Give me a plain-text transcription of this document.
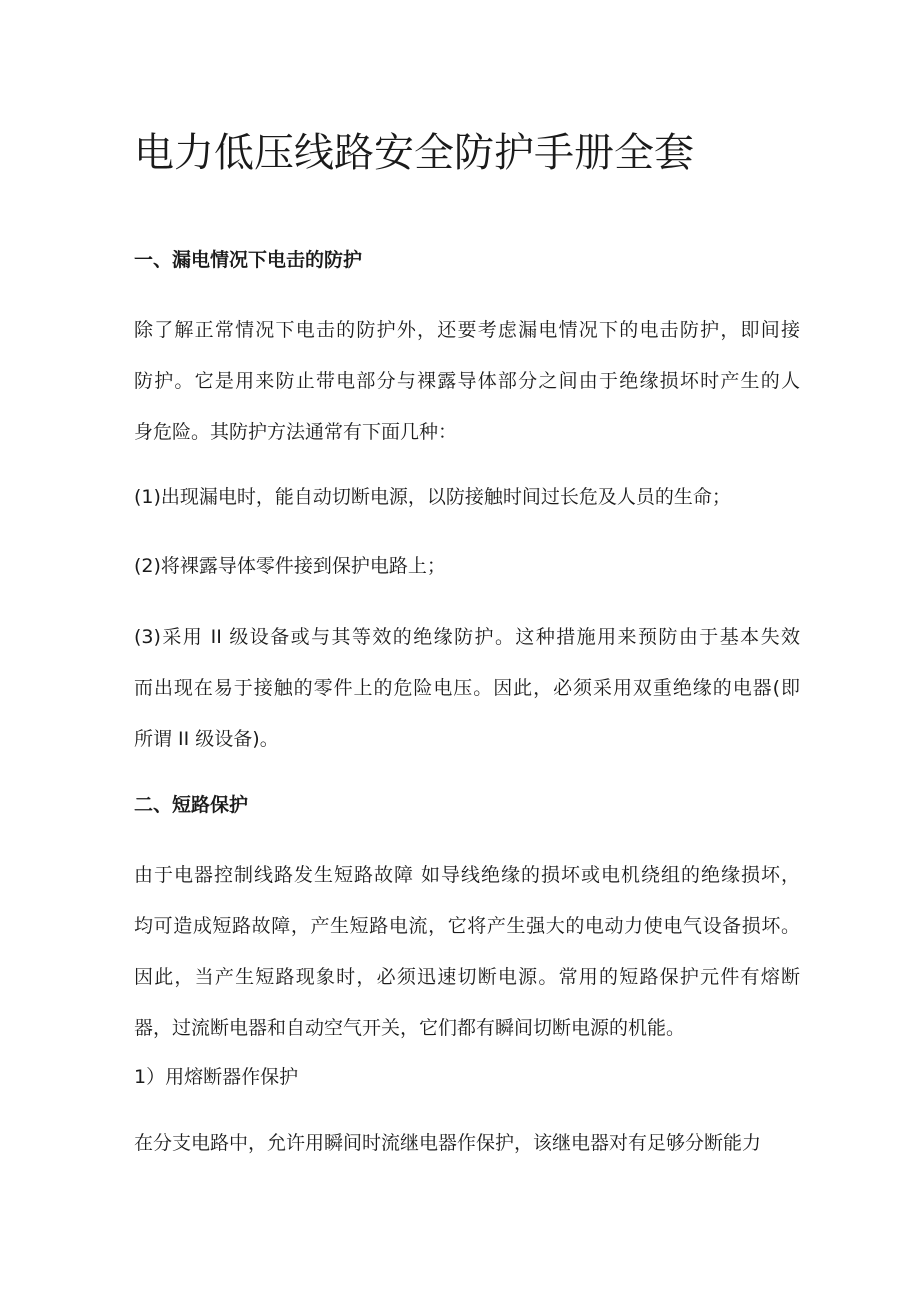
电力低压线路安全防护手册全套
一、漏电情况下电击的防护

除了解正常情况下电击的防护外，还要考虑漏电情况下的电击防护，即间接
防护。它是用来防止带电部分与裸露导体部分之间由于绝缘损坏时产生的人
身危险。其防护方法通常有下面几种：

(1)出现漏电时，能自动切断电源，以防接触时间过长危及人员的生命；

(2)将裸露导体零件接到保护电路上；

(3)采用 II 级设备或与其等效的绝缘防护。这种措施用来预防由于基本失效
而出现在易于接触的零件上的危险电压。因此，必须采用双重绝缘的电器(即
所谓 II 级设备)。

二、短路保护

由于电器控制线路发生短路故障 如导线绝缘的损坏或电机绕组的绝缘损坏，
均可造成短路故障，产生短路电流，它将产生强大的电动力使电气设备损坏。
因此，当产生短路现象时，必须迅速切断电源。常用的短路保护元件有熔断
器，过流断电器和自动空气开关，它们都有瞬间切断电源的机能。

1）用熔断器作保护

在分支电路中，允许用瞬间时流继电器作保护，该继电器对有足够分断能力
